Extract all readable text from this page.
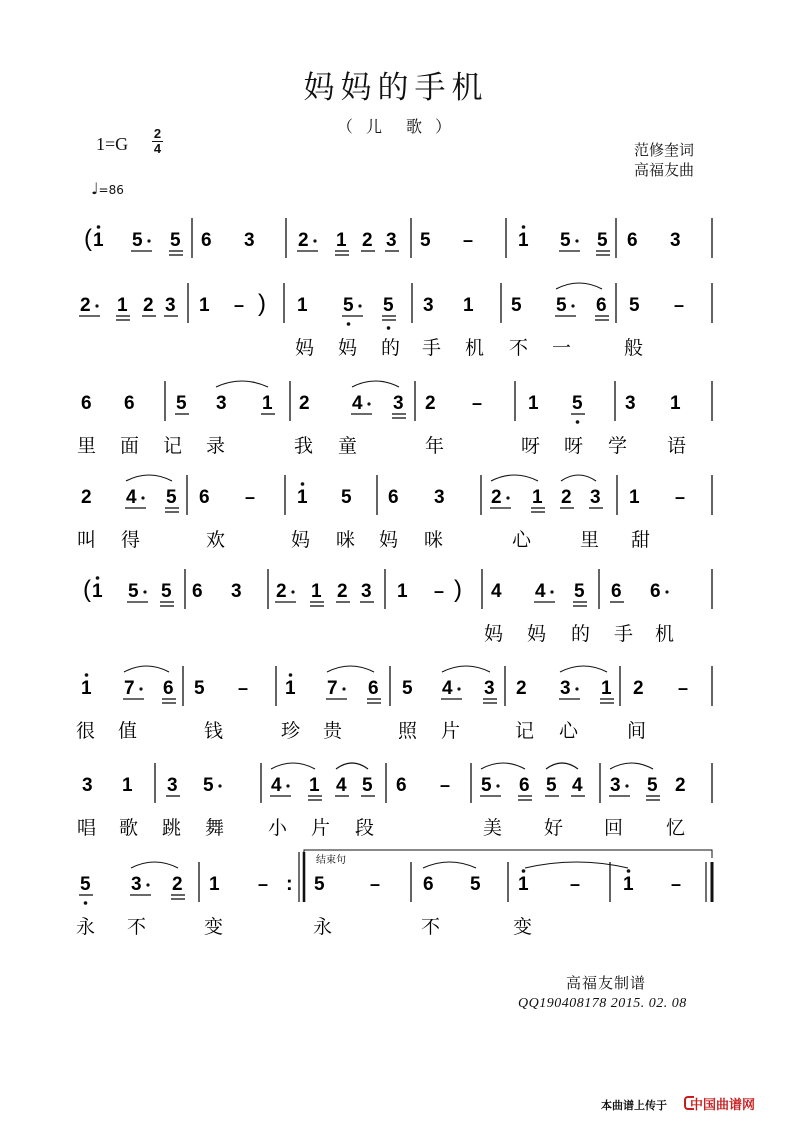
妈妈的手机
（ 儿　歌 ）
1=G
2
4
♩=86
范修奎词
高福友曲
( 1 5 5 6 3 2 1 2 3 5 – 1 5 5 6 3
2 1 2 3 1 – ) 1 5 5 3 1 5 5 6 5 –
妈 妈 的 手 机 不 一	般
6 6 5 3 1 2 4 3 2 – 1 5 3 1
里 面 记 录	我 童	年	呀 呀 学 语
2 4 5 6 – 1 5 6 3 2 1 2 3 1 –
叫 得	欢	妈 咪 妈 咪	心	里 甜
( 1 5 5 6 3 2 1 2 3 1 – ) 4 4 5 6 6
妈 妈 的 手 机
1 7 6 5 – 1 7 6 5 4 3 2 3 1 2 –
很 值	钱	珍 贵	照 片	记 心	间
3 1 3 5	4 1 4 5 6 – 5 6 5 4 3 5 2
唱 歌 跳 舞 小 片 段	美 好 回 忆
5 3 2 1 – : 5	– 6 5 1 – 1 –
永 不	变	永	不	变
结束句
高福友制谱
QQ190408178 2015. 02. 08
本曲谱上传于 中国曲谱网
